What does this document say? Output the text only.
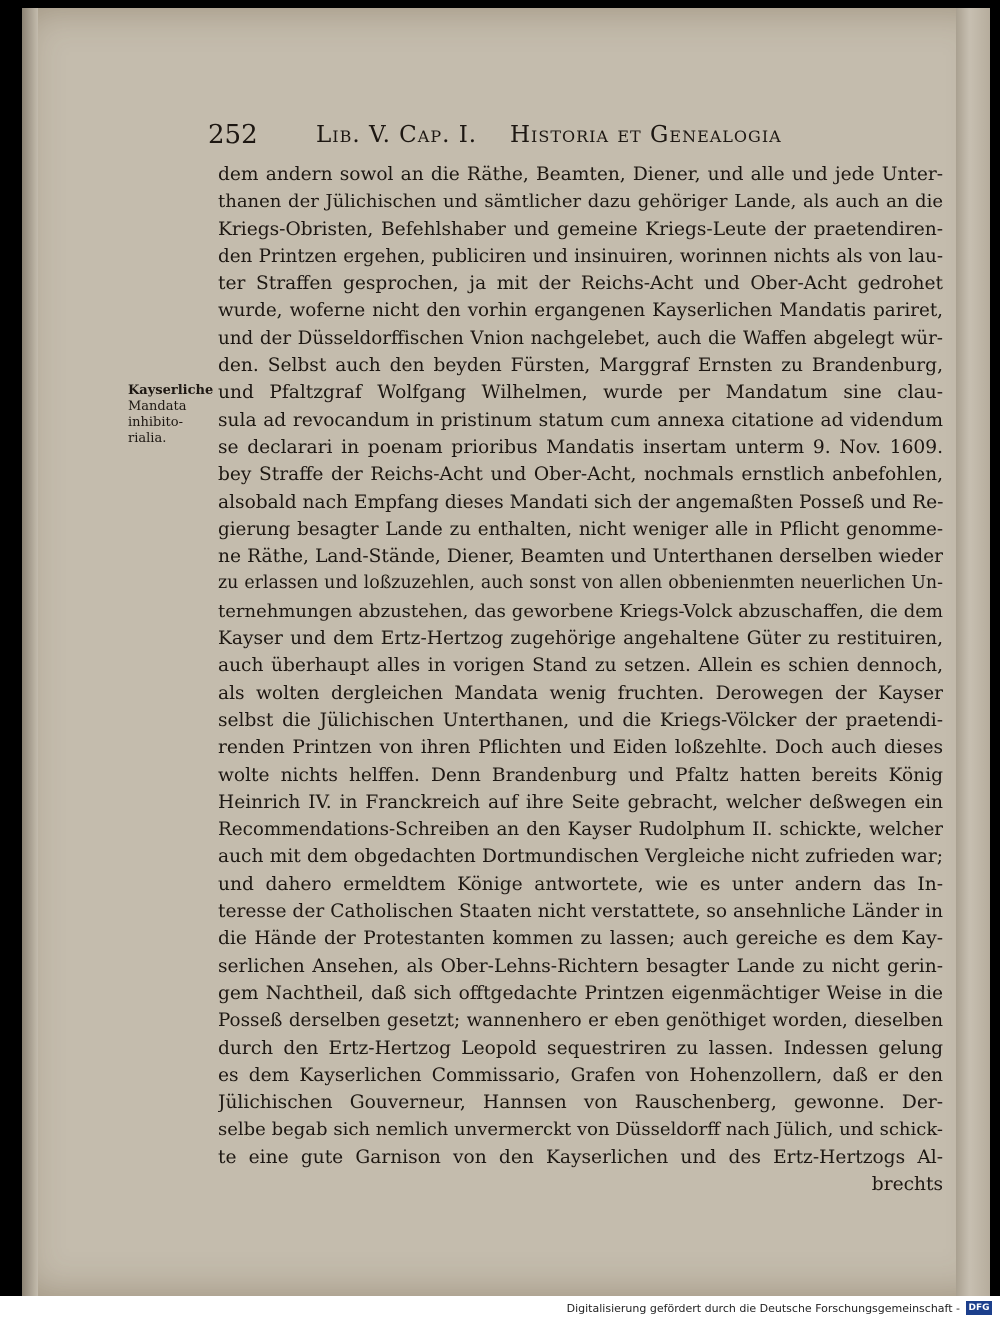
252	Lib. V. Cap. I. Historia et Genealogia
Kayserliche
Mandata
inhibito-
rialia.
dem andern sowol an die Räthe, Beamten, Diener, und alle und jede Unter-
thanen der Jülichischen und sämtlicher dazu gehöriger Lande, als auch an die
Kriegs-Obristen, Befehlshaber und gemeine Kriegs-Leute der praetendiren-
den Printzen ergehen, publiciren und insinuiren, worinnen nichts als von lau-
ter Straffen gesprochen, ja mit der Reichs-Acht und Ober-Acht gedrohet
wurde, woferne nicht den vorhin ergangenen Kayserlichen Mandatis pariret,
und der Düsseldorffischen Vnion nachgelebet, auch die Waffen abgelegt wür-
den. Selbst auch den beyden Fürsten, Marggraf Ernsten zu Brandenburg,
und Pfaltzgraf Wolfgang Wilhelmen, wurde per Mandatum sine clau-
sula ad revocandum in pristinum statum cum annexa citatione ad videndum
se declarari in poenam prioribus Mandatis insertam unterm 9. Nov. 1609.
bey Straffe der Reichs-Acht und Ober-Acht, nochmals ernstlich anbefohlen,
alsobald nach Empfang dieses Mandati sich der angemaßten Posseß und Re-
gierung besagter Lande zu enthalten, nicht weniger alle in Pflicht genomme-
ne Räthe, Land-Stände, Diener, Beamten und Unterthanen derselben wieder
zu erlassen und loßzuzehlen, auch sonst von allen obbenienmten neuerlichen Un-
ternehmungen abzustehen, das geworbene Kriegs-Volck abzuschaffen, die dem
Kayser und dem Ertz-Hertzog zugehörige angehaltene Güter zu restituiren,
auch überhaupt alles in vorigen Stand zu setzen. Allein es schien dennoch,
als wolten dergleichen Mandata wenig fruchten. Derowegen der Kayser
selbst die Jülichischen Unterthanen, und die Kriegs-Völcker der praetendi-
renden Printzen von ihren Pflichten und Eiden loßzehlte. Doch auch dieses
wolte nichts helffen. Denn Brandenburg und Pfaltz hatten bereits König
Heinrich IV. in Franckreich auf ihre Seite gebracht, welcher deßwegen ein
Recommendations-Schreiben an den Kayser Rudolphum II. schickte, welcher
auch mit dem obgedachten Dortmundischen Vergleiche nicht zufrieden war;
und dahero ermeldtem Könige antwortete, wie es unter andern das In-
teresse der Catholischen Staaten nicht verstattete, so ansehnliche Länder in
die Hände der Protestanten kommen zu lassen; auch gereiche es dem Kay-
serlichen Ansehen, als Ober-Lehns-Richtern besagter Lande zu nicht gerin-
gem Nachtheil, daß sich offtgedachte Printzen eigenmächtiger Weise in die
Posseß derselben gesetzt; wannenhero er eben genöthiget worden, dieselben
durch den Ertz-Hertzog Leopold sequestriren zu lassen. Indessen gelung
es dem Kayserlichen Commissario, Grafen von Hohenzollern, daß er den
Jülichischen Gouverneur, Hannsen von Rauschenberg, gewonne. Der-
selbe begab sich nemlich unvermerckt von Düsseldorff nach Jülich, und schick-
te eine gute Garnison von den Kayserlichen und des Ertz-Hertzogs Al-
brechts
Digitalisierung gefördert durch die Deutsche Forschungsgemeinschaft - DFG
